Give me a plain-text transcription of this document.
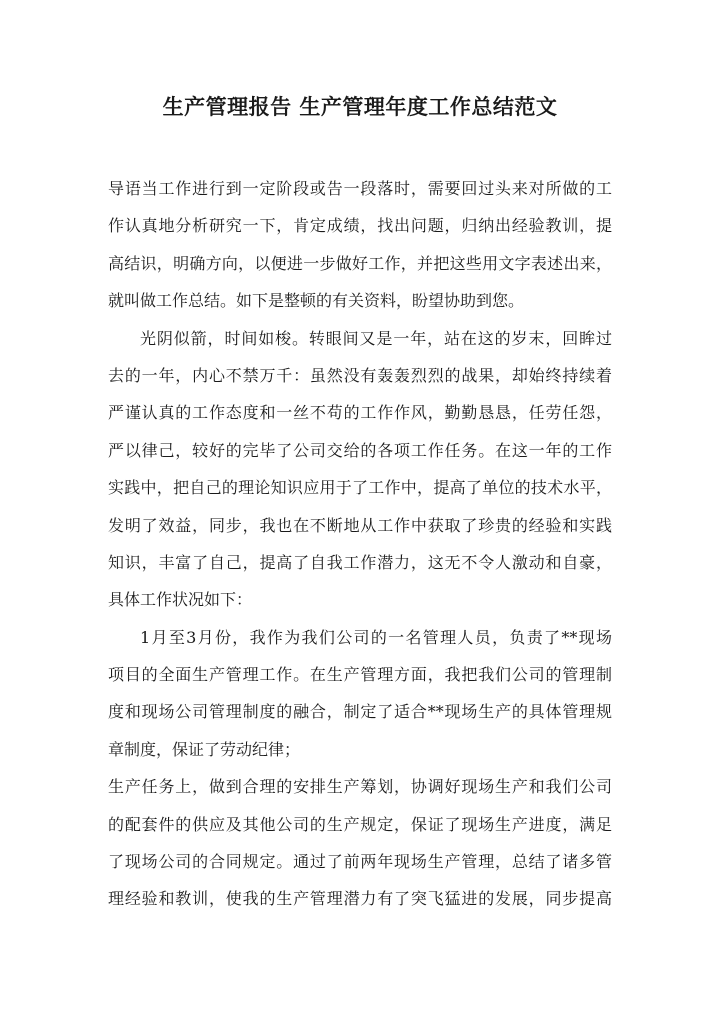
生产管理报告 生产管理年度工作总结范文
导语当工作进行到一定阶段或告一段落时，需要回过头来对所做的工
作认真地分析研究一下，肯定成绩，找出问题，归纳出经验教训，提
高结识，明确方向，以便进一步做好工作，并把这些用文字表述出来，
就叫做工作总结。如下是整顿的有关资料，盼望协助到您。
光阴似箭，时间如梭。转眼间又是一年，站在这的岁末，回眸过
去的一年，内心不禁万千：虽然没有轰轰烈烈的战果，却始终持续着
严谨认真的工作态度和一丝不苟的工作作风，勤勤恳恳，任劳任怨，
严以律己，较好的完毕了公司交给的各项工作任务。在这一年的工作
实践中，把自己的理论知识应用于了工作中，提高了单位的技术水平，
发明了效益，同步，我也在不断地从工作中获取了珍贵的经验和实践
知识，丰富了自己，提高了自我工作潜力，这无不令人激动和自豪，
具体工作状况如下：
1月至3月份，我作为我们公司的一名管理人员，负责了**现场
项目的全面生产管理工作。在生产管理方面，我把我们公司的管理制
度和现场公司管理制度的融合，制定了适合**现场生产的具体管理规
章制度，保证了劳动纪律；
生产任务上，做到合理的安排生产筹划，协调好现场生产和我们公司
的配套件的供应及其他公司的生产规定，保证了现场生产进度，满足
了现场公司的合同规定。通过了前两年现场生产管理，总结了诸多管
理经验和教训，使我的生产管理潜力有了突飞猛进的发展，同步提高
